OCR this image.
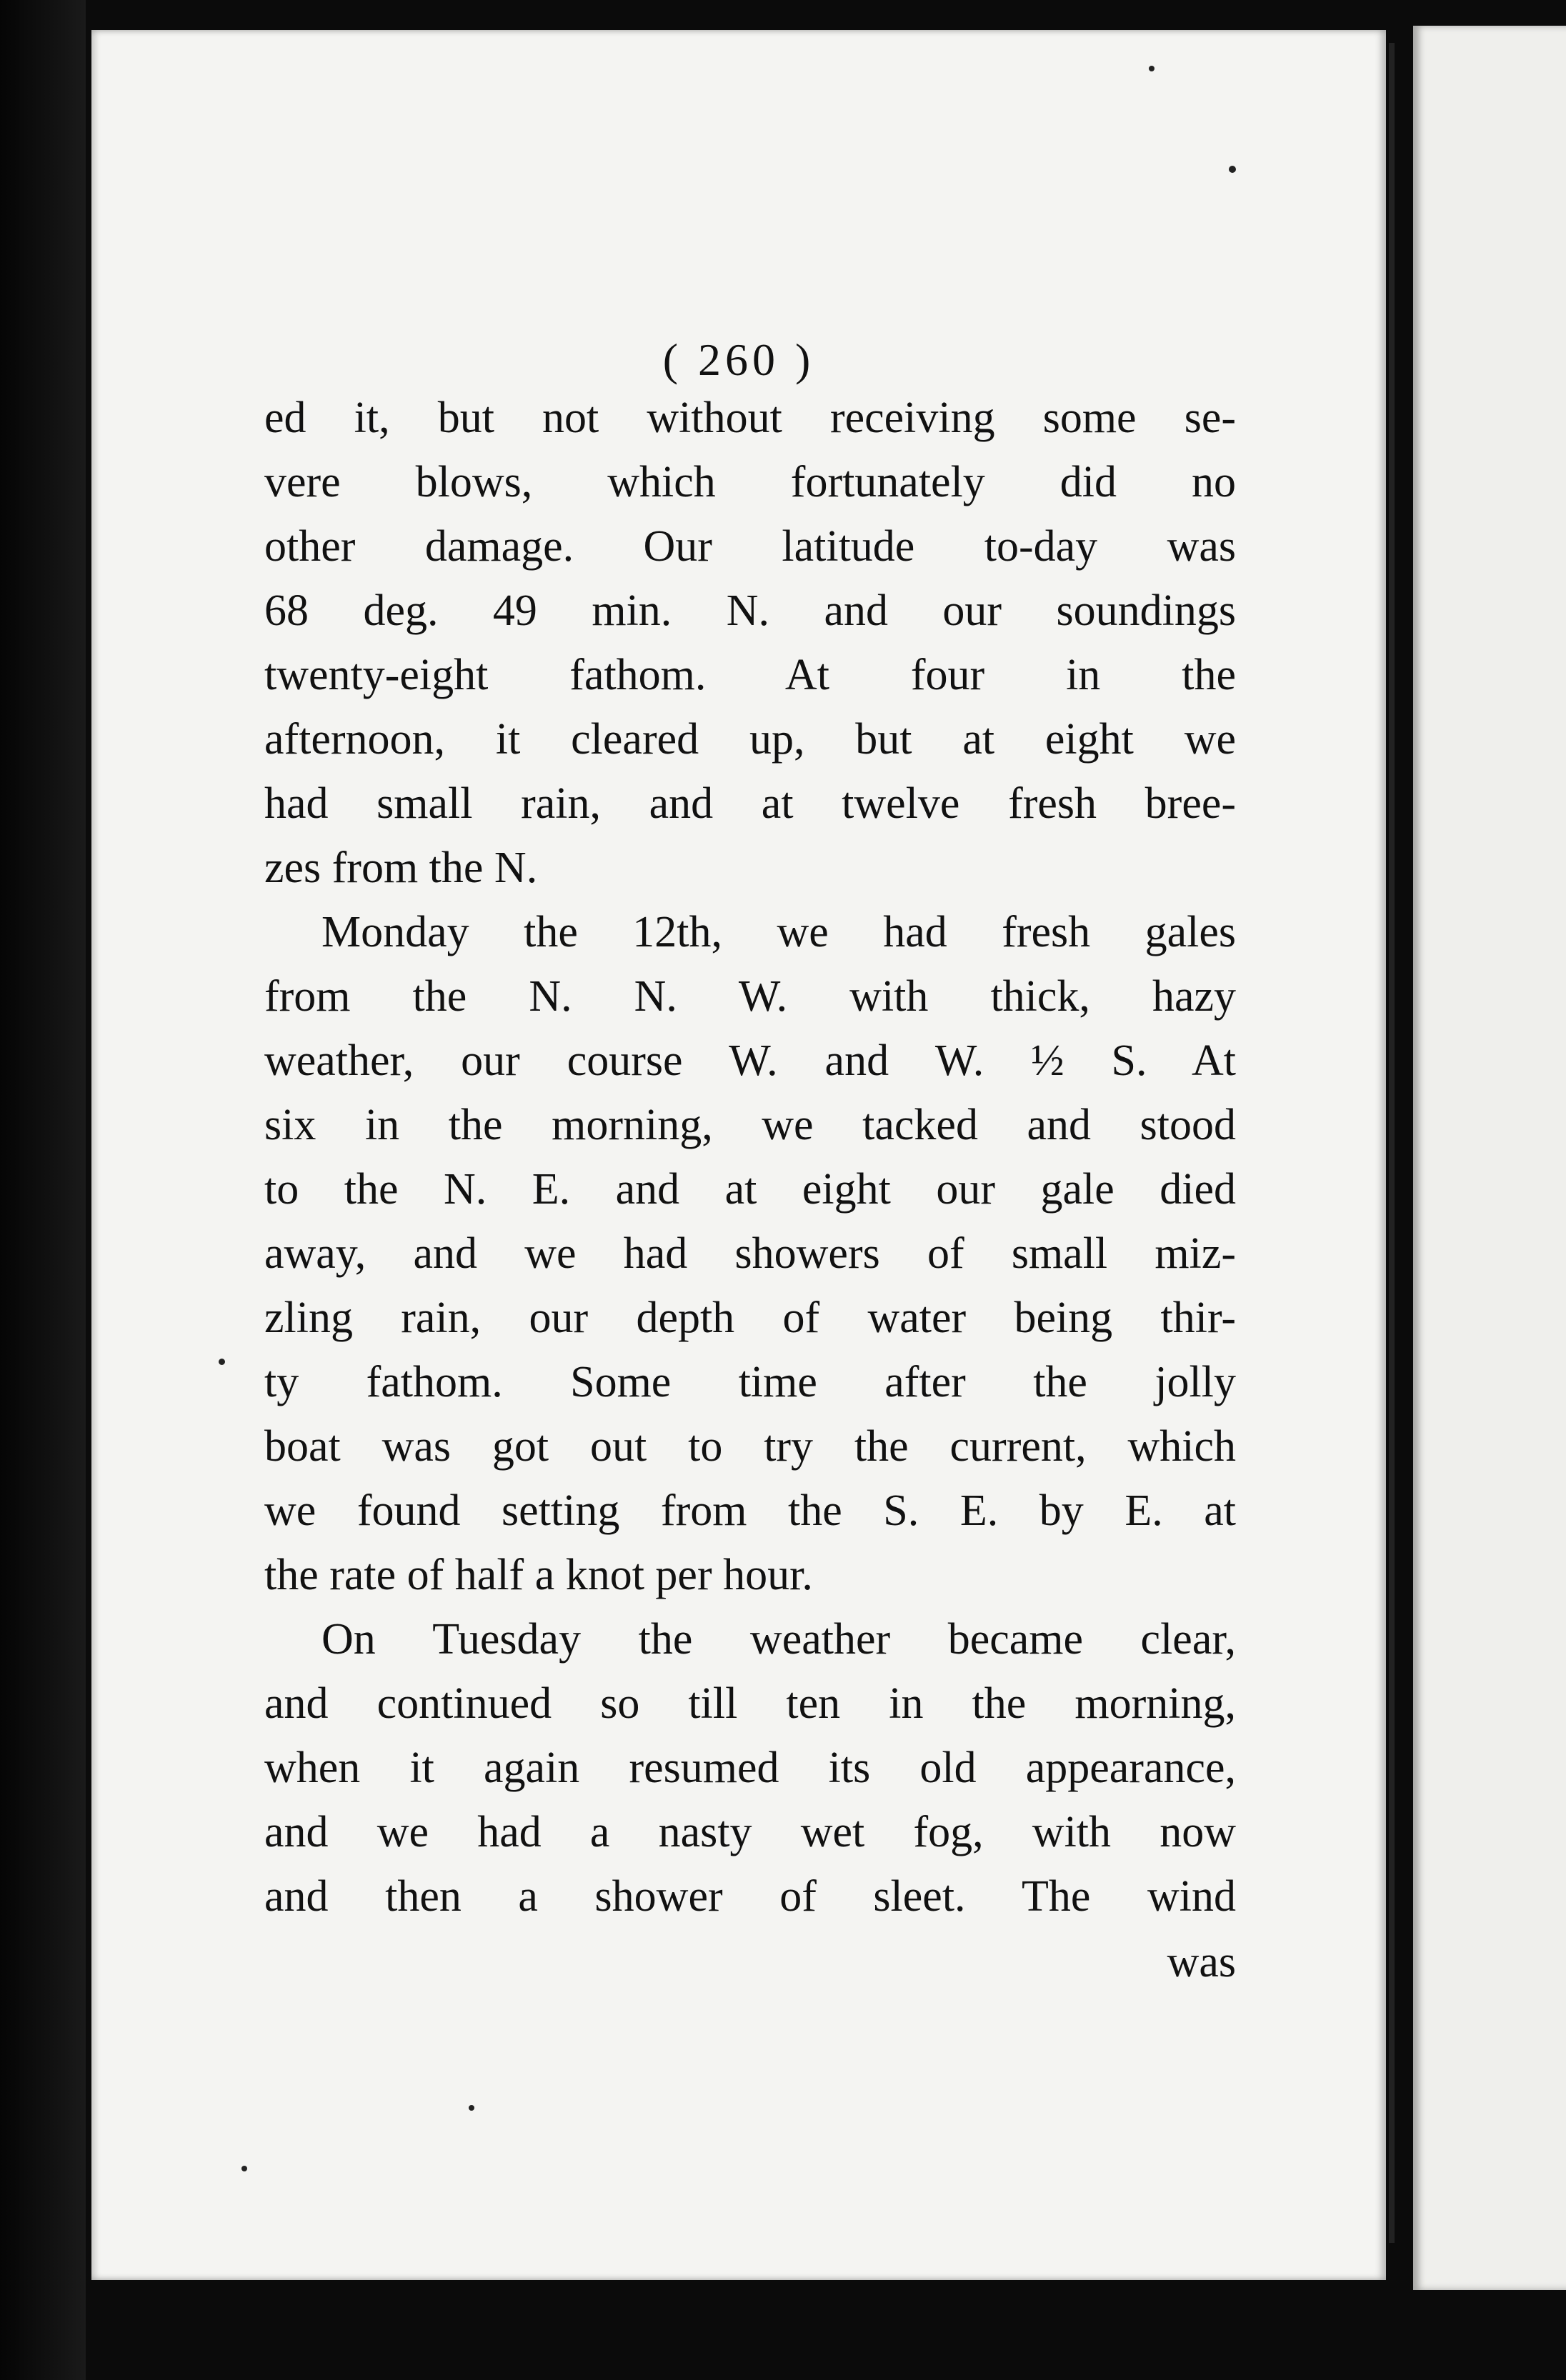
( 260 )
ed it, but not without receiving some se-
vere blows, which fortunately did no
other damage. Our latitude to-day was
68 deg. 49 min. N. and our soundings
twenty-eight fathom. At four in the
afternoon, it cleared up, but at eight we
had small rain, and at twelve fresh bree-
zes from the N.
Monday the 12th, we had fresh gales
from the N. N. W. with thick, hazy
weather, our course W. and W. ½ S. At
six in the morning, we tacked and stood
to the N. E. and at eight our gale died
away, and we had showers of small miz-
zling rain, our depth of water being thir-
ty fathom. Some time after the jolly
boat was got out to try the current, which
we found setting from the S. E. by E. at
the rate of half a knot per hour.
On Tuesday the weather became clear,
and continued so till ten in the morning,
when it again resumed its old appearance,
and we had a nasty wet fog, with now
and then a shower of sleet. The wind
was
